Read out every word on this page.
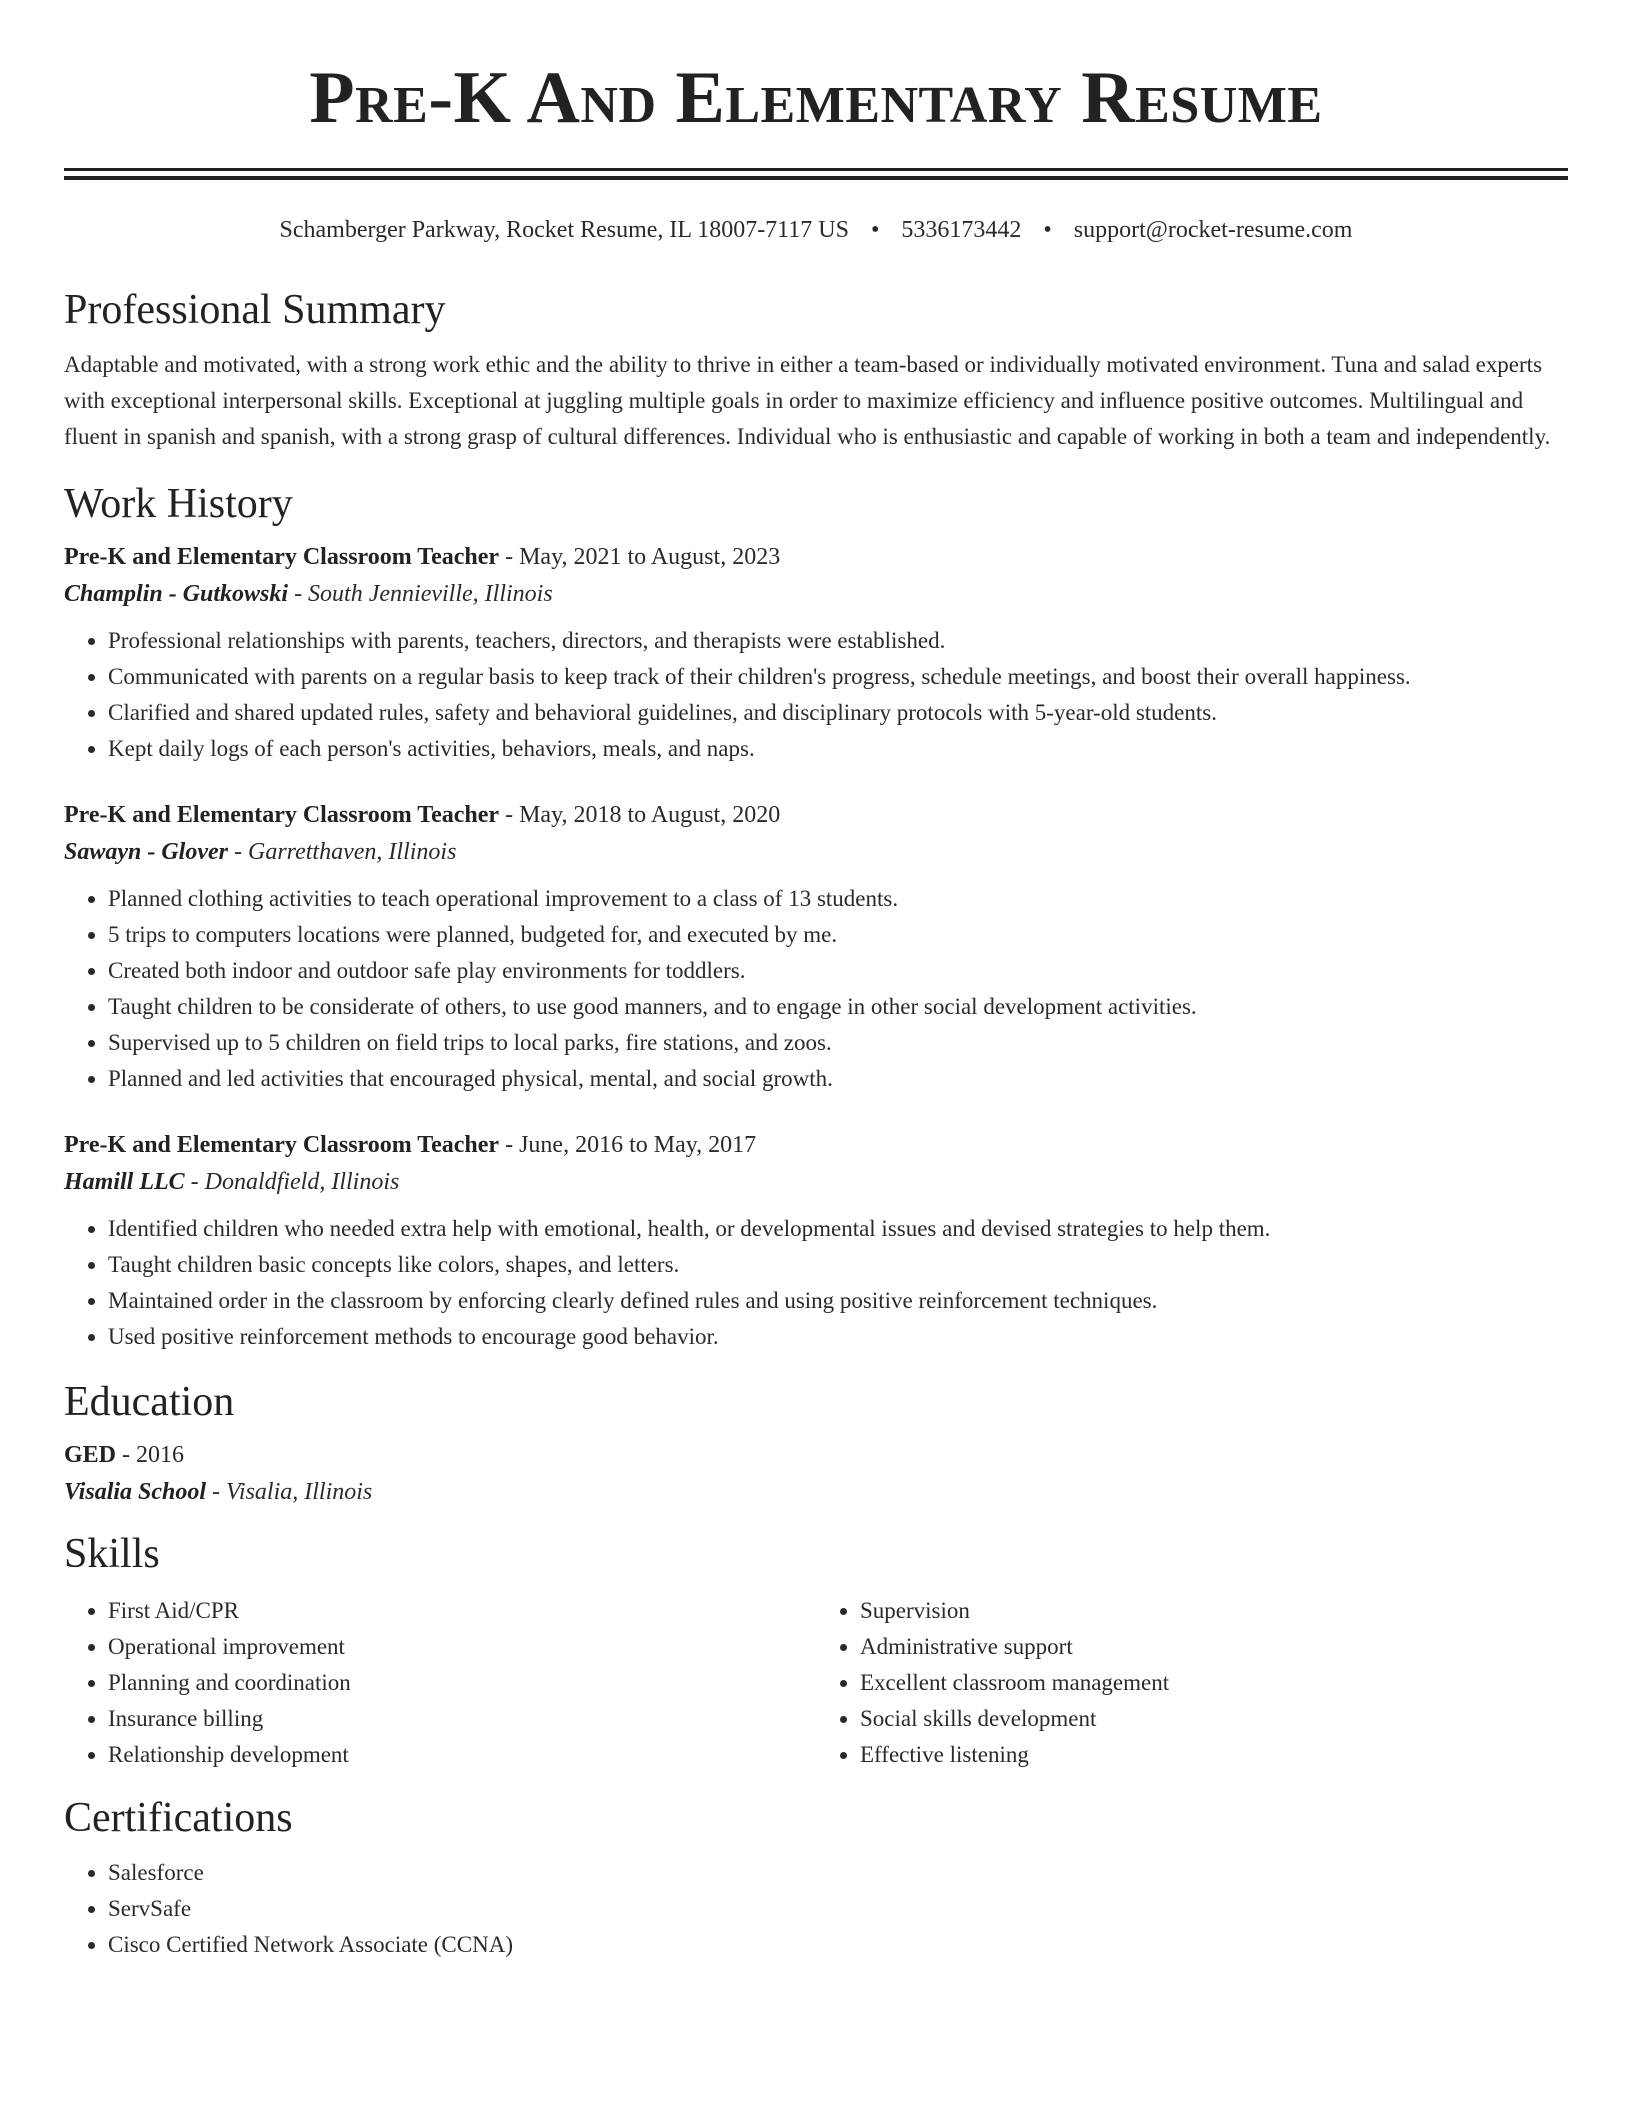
Pre-K And Elementary Resume
Schamberger Parkway, Rocket Resume, IL 18007-7117 US • 5336173442 • support@rocket-resume.com
Professional Summary

Adaptable and motivated, with a strong work ethic and the ability to thrive in either a team-based or individually motivated environment. Tuna and salad experts with exceptional interpersonal skills. Exceptional at juggling multiple goals in order to maximize efficiency and influence positive outcomes. Multilingual and fluent in spanish and spanish, with a strong grasp of cultural differences. Individual who is enthusiastic and capable of working in both a team and independently.

Work History
Pre-K and Elementary Classroom Teacher - May, 2021 to August, 2023
Champlin - Gutkowski - South Jennieville, Illinois
• Professional relationships with parents, teachers, directors, and therapists were established.
• Communicated with parents on a regular basis to keep track of their children's progress, schedule meetings, and boost their overall happiness.
• Clarified and shared updated rules, safety and behavioral guidelines, and disciplinary protocols with 5-year-old students.
• Kept daily logs of each person's activities, behaviors, meals, and naps.
Pre-K and Elementary Classroom Teacher - May, 2018 to August, 2020
Sawayn - Glover - Garretthaven, Illinois
• Planned clothing activities to teach operational improvement to a class of 13 students.
• 5 trips to computers locations were planned, budgeted for, and executed by me.
• Created both indoor and outdoor safe play environments for toddlers.
• Taught children to be considerate of others, to use good manners, and to engage in other social development activities.
• Supervised up to 5 children on field trips to local parks, fire stations, and zoos.
• Planned and led activities that encouraged physical, mental, and social growth.
Pre-K and Elementary Classroom Teacher - June, 2016 to May, 2017
Hamill LLC - Donaldfield, Illinois
• Identified children who needed extra help with emotional, health, or developmental issues and devised strategies to help them.
• Taught children basic concepts like colors, shapes, and letters.
• Maintained order in the classroom by enforcing clearly defined rules and using positive reinforcement techniques.
• Used positive reinforcement methods to encourage good behavior.
Education
GED - 2016
Visalia School - Visalia, Illinois
Skills
• First Aid/CPR
• Operational improvement
• Planning and coordination
• Insurance billing
• Relationship development
• Supervision
• Administrative support
• Excellent classroom management
• Social skills development
• Effective listening
Certifications
• Salesforce
• ServSafe
• Cisco Certified Network Associate (CCNA)
